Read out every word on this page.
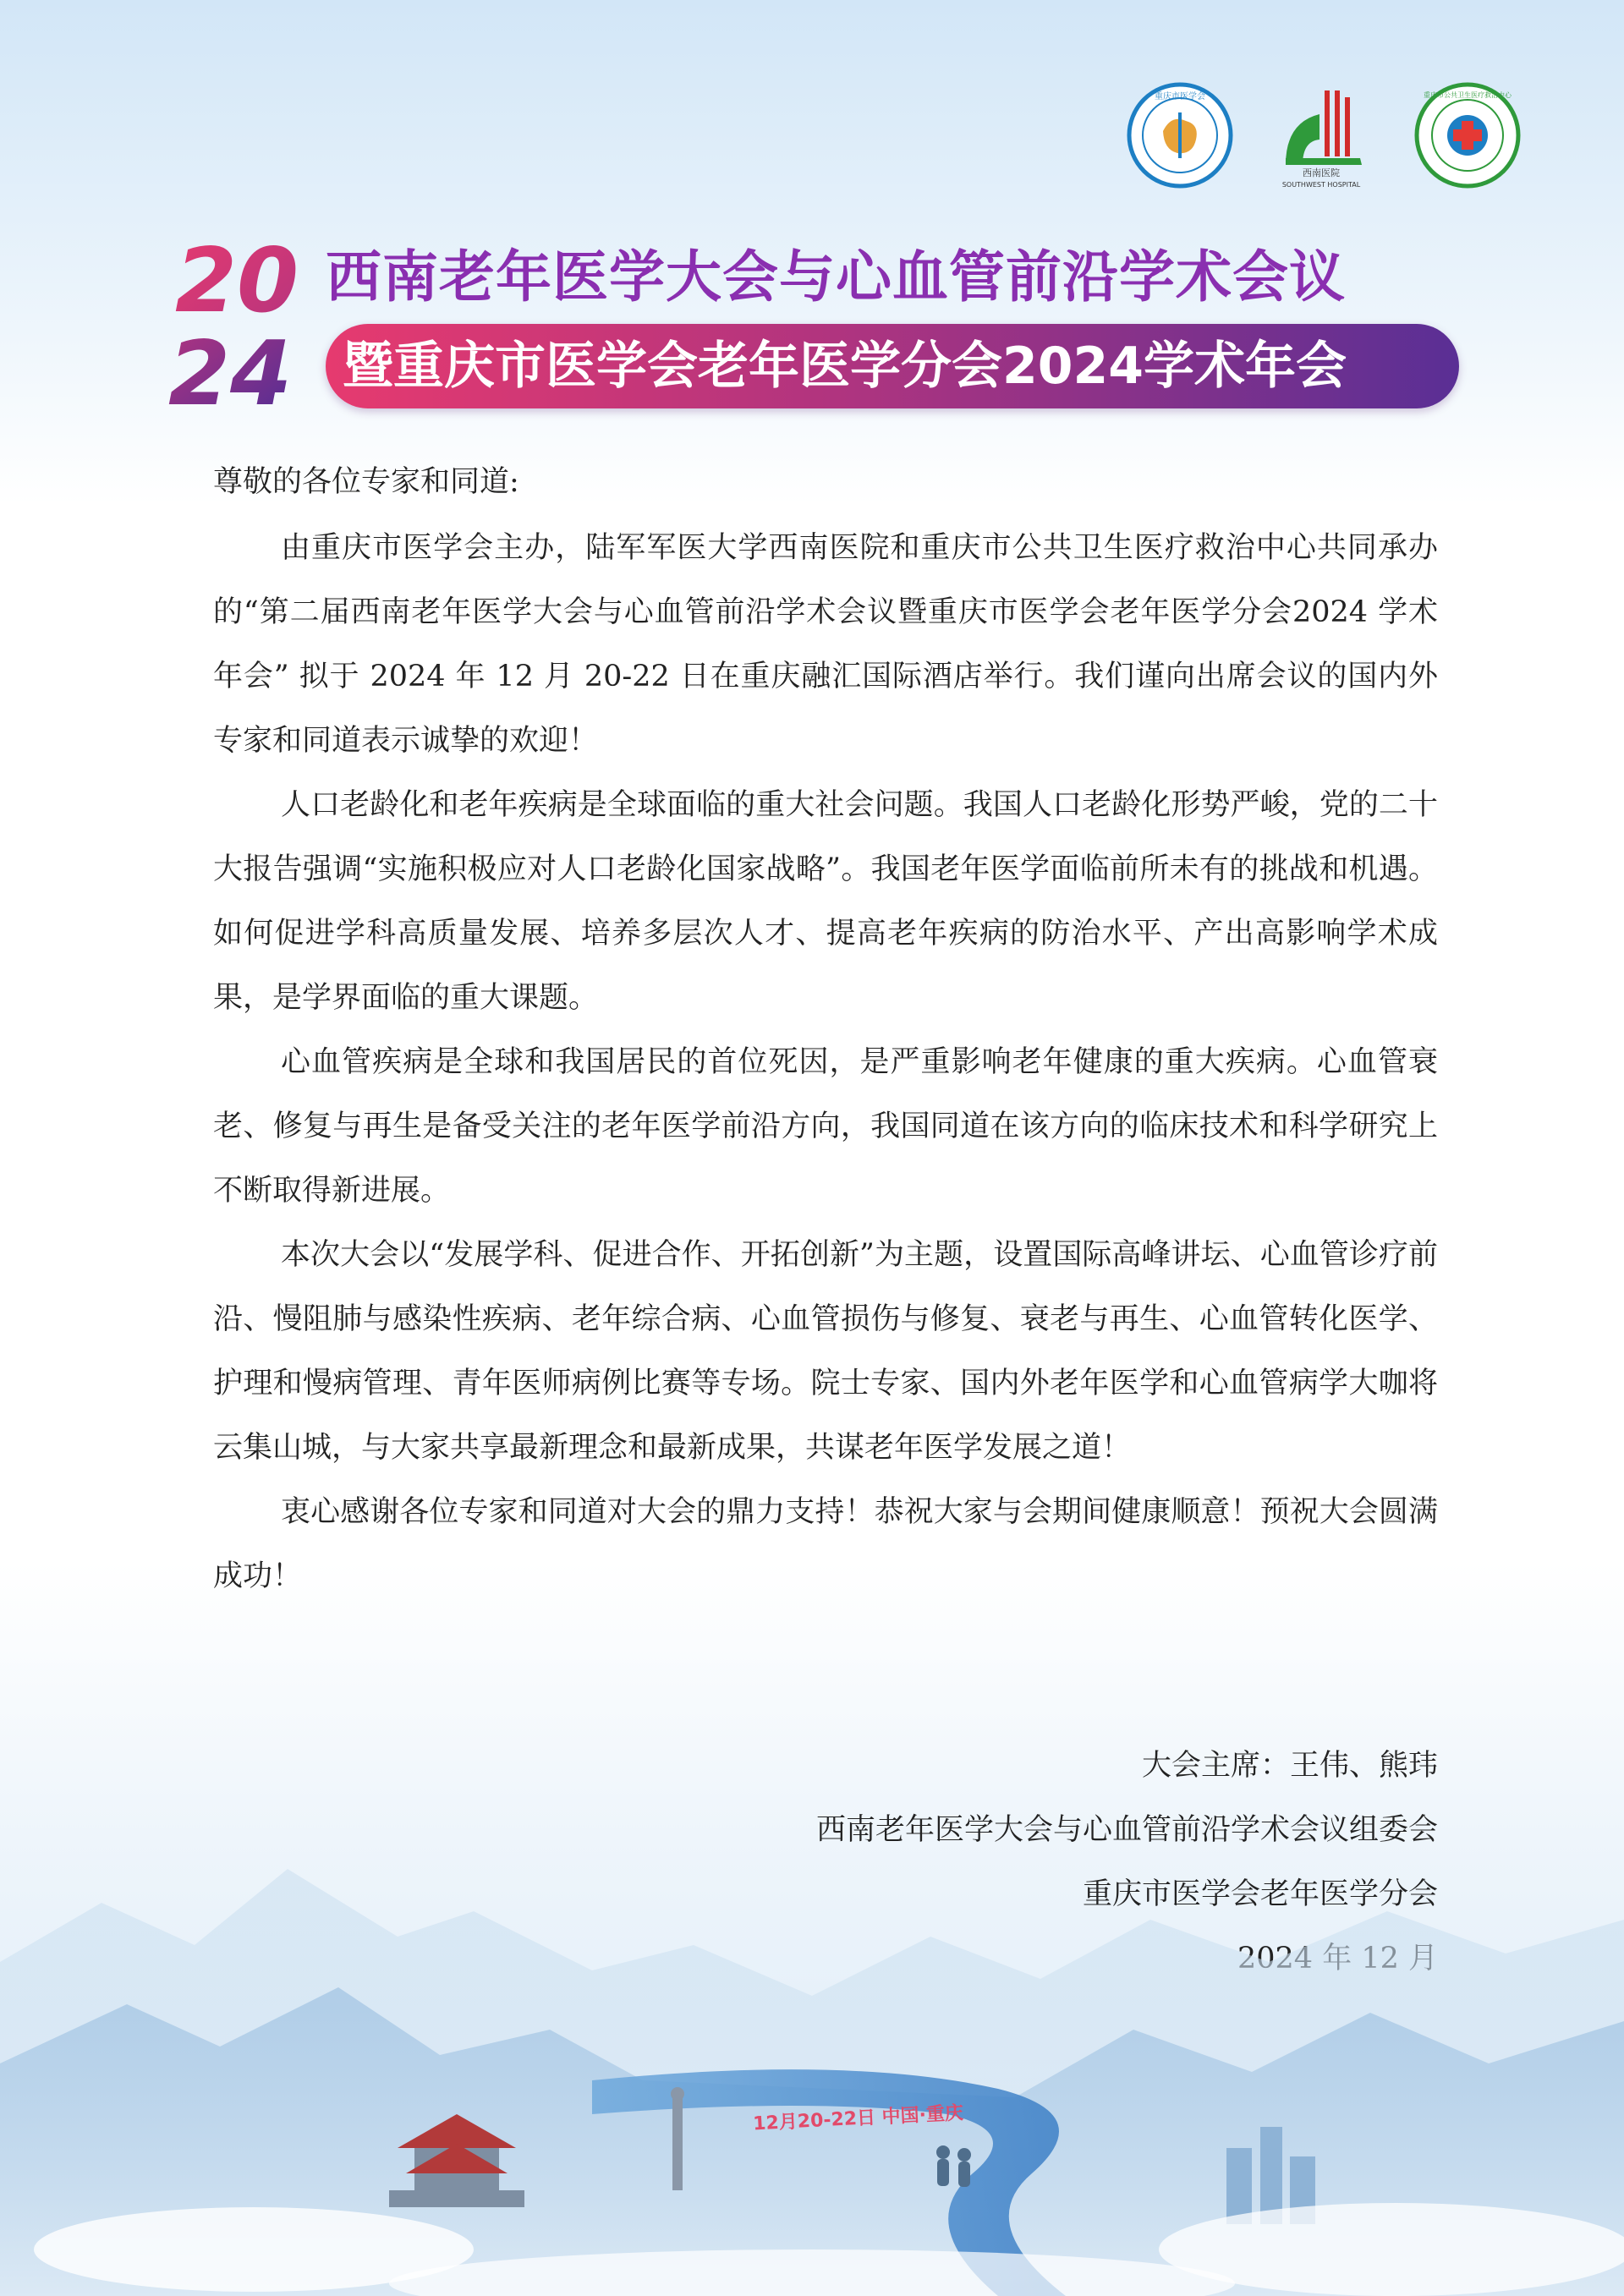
重庆市医学会
西南医院
SOUTHWEST HOSPITAL
重庆市公共卫生医疗救治中心
20
24
西南老年医学大会与心血管前沿学术会议
暨重庆市医学会老年医学分会2024学术年会

尊敬的各位专家和同道:

由重庆市医学会主办，陆军军医大学西南医院和重庆市公共卫生医疗救治中心共同承办的“第二届西南老年医学大会与心血管前沿学术会议暨重庆市医学会老年医学分会2024 学术年会” 拟于 2024 年 12 月 20-22 日在重庆融汇国际酒店举行。我们谨向出席会议的国内外专家和同道表示诚挚的欢迎！

人口老龄化和老年疾病是全球面临的重大社会问题。我国人口老龄化形势严峻，党的二十大报告强调“实施积极应对人口老龄化国家战略”。我国老年医学面临前所未有的挑战和机遇。如何促进学科高质量发展、培养多层次人才、提高老年疾病的防治水平、产出高影响学术成果，是学界面临的重大课题。

心血管疾病是全球和我国居民的首位死因，是严重影响老年健康的重大疾病。心血管衰老、修复与再生是备受关注的老年医学前沿方向，我国同道在该方向的临床技术和科学研究上不断取得新进展。

本次大会以“发展学科、促进合作、开拓创新”为主题，设置国际高峰讲坛、心血管诊疗前沿、慢阻肺与感染性疾病、老年综合病、心血管损伤与修复、衰老与再生、心血管转化医学、护理和慢病管理、青年医师病例比赛等专场。院士专家、国内外老年医学和心血管病学大咖将云集山城，与大家共享最新理念和最新成果，共谋老年医学发展之道！

衷心感谢各位专家和同道对大会的鼎力支持！恭祝大家与会期间健康顺意！预祝大会圆满成功！

大会主席：王伟、熊玮
西南老年医学大会与心血管前沿学术会议组委会
重庆市医学会老年医学分会
12月20-22日 中国·重庆
